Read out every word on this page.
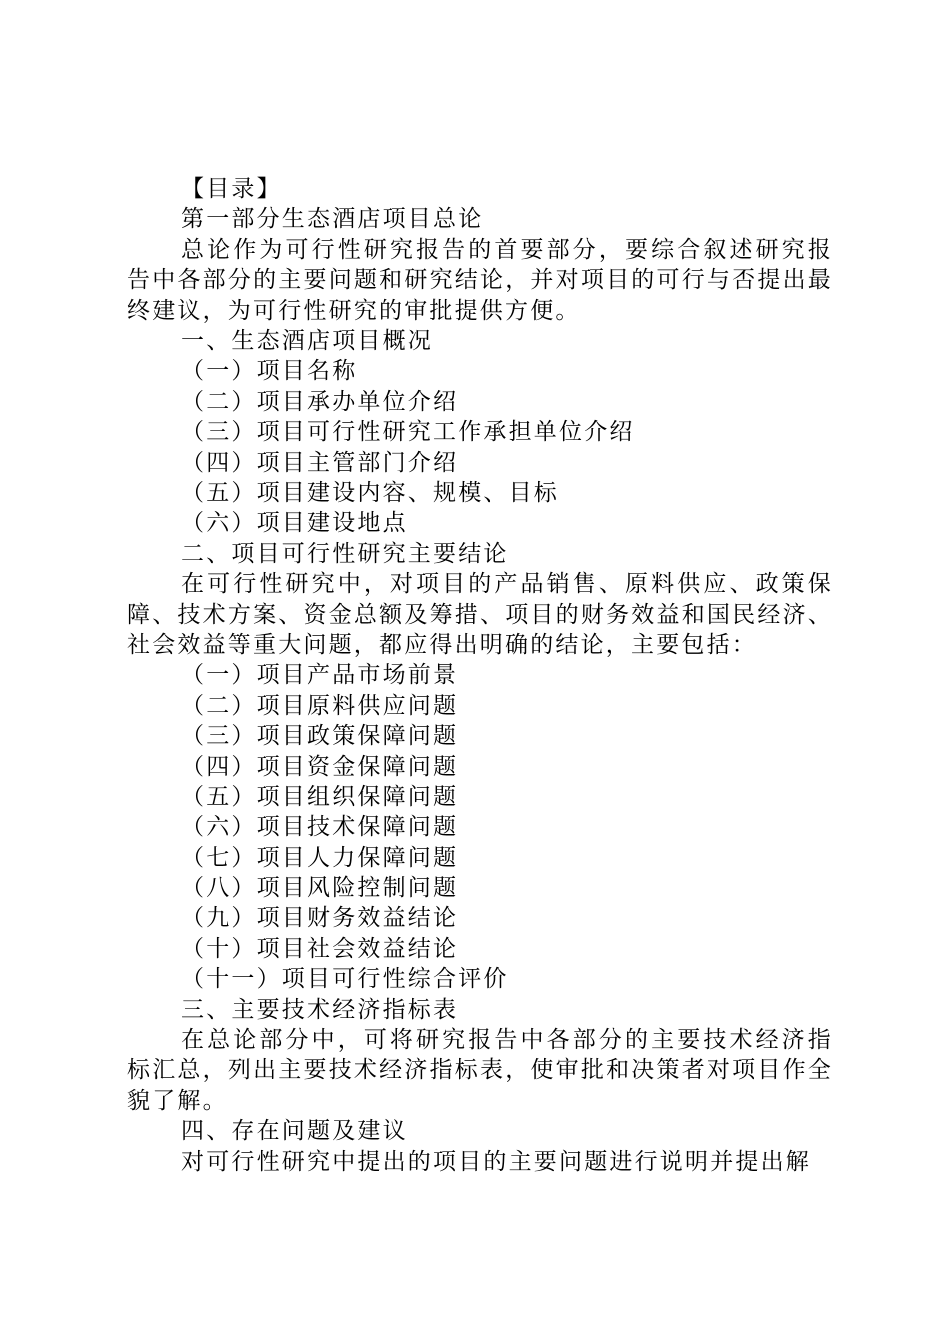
【目录】
第一部分生态酒店项目总论
总论作为可行性研究报告的首要部分，要综合叙述研究报告中各部分的主要问题和研究结论，并对项目的可行与否提出最终建议，为可行性研究的审批提供方便。
一、生态酒店项目概况
（一）项目名称
（二）项目承办单位介绍
（三）项目可行性研究工作承担单位介绍
（四）项目主管部门介绍
（五）项目建设内容、规模、目标
（六）项目建设地点
二、项目可行性研究主要结论
在可行性研究中，对项目的产品销售、原料供应、政策保障、技术方案、资金总额及筹措、项目的财务效益和国民经济、社会效益等重大问题，都应得出明确的结论，主要包括：
（一）项目产品市场前景
（二）项目原料供应问题
（三）项目政策保障问题
（四）项目资金保障问题
（五）项目组织保障问题
（六）项目技术保障问题
（七）项目人力保障问题
（八）项目风险控制问题
（九）项目财务效益结论
（十）项目社会效益结论
（十一）项目可行性综合评价
三、主要技术经济指标表
在总论部分中，可将研究报告中各部分的主要技术经济指标汇总，列出主要技术经济指标表，使审批和决策者对项目作全貌了解。
四、存在问题及建议
对可行性研究中提出的项目的主要问题进行说明并提出解
